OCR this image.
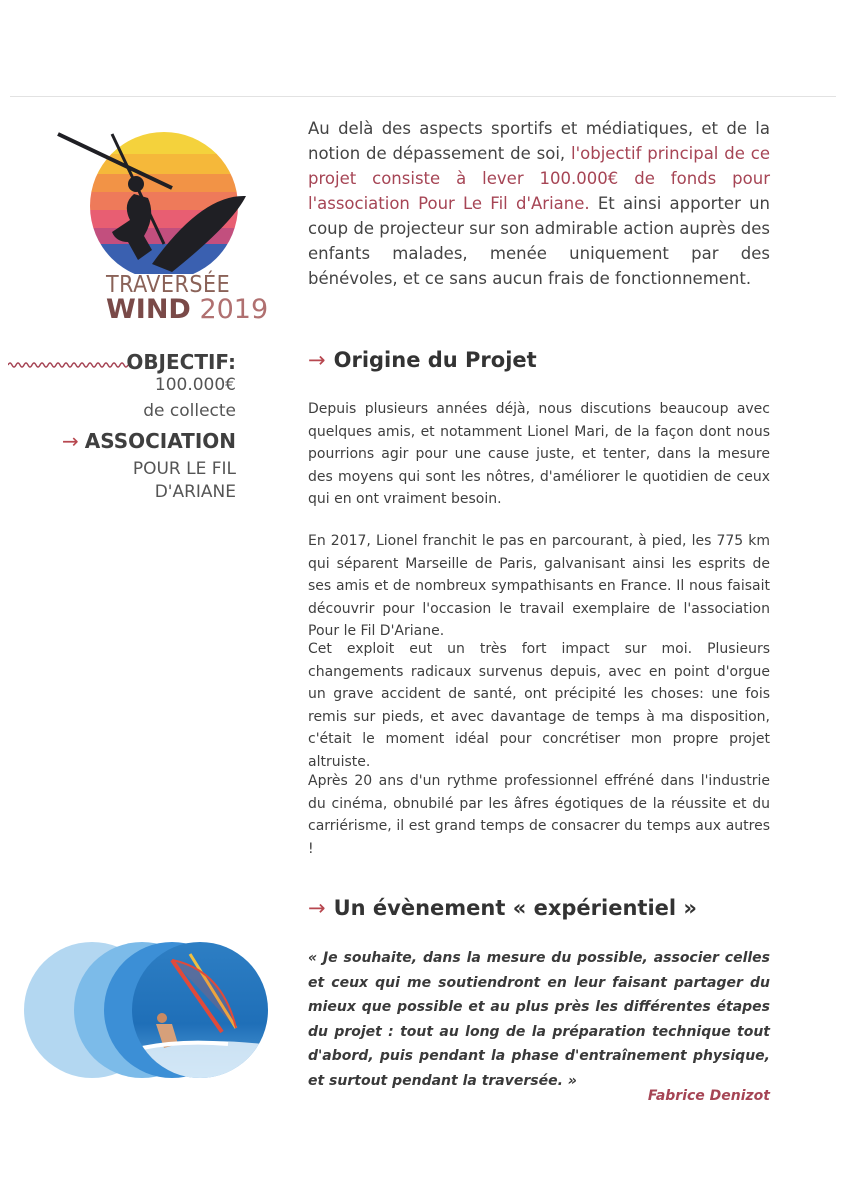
TRAVERSÉE
WIND 2019
OBJECTIF:
100.000€
de collecte
→ ASSOCIATION
POUR LE FIL
D'ARIANE
Au delà des aspects sportifs et médiatiques, et de la notion de dépassement de soi, l'objectif principal de ce projet consiste à lever 100.000€ de fonds pour l'association Pour Le Fil d'Ariane. Et ainsi apporter un coup de projecteur sur son admirable action auprès des enfants malades, menée uniquement par des bénévoles, et ce sans aucun frais de fonctionnement.
→ Origine du Projet
Depuis plusieurs années déjà, nous discutions beaucoup avec quelques amis, et notamment Lionel Mari, de la façon dont nous pourrions agir pour une cause juste, et tenter, dans la mesure des moyens qui sont les nôtres, d'améliorer le quotidien de ceux qui en ont vraiment besoin.
En 2017, Lionel franchit le pas en parcourant, à pied, les 775 km qui séparent Marseille de Paris, galvanisant ainsi les esprits de ses amis et de nombreux sympathisants en France. Il nous faisait découvrir pour l'occasion le travail exemplaire de l'association Pour le Fil D'Ariane.
Cet exploit eut un très fort impact sur moi. Plusieurs changements radicaux survenus depuis, avec en point d'orgue un grave accident de santé, ont précipité les choses: une fois remis sur pieds, et avec davantage de temps à ma disposition, c'était le moment idéal pour concrétiser mon propre projet altruiste.
Après 20 ans d'un rythme professionnel effréné dans l'industrie du cinéma, obnubilé par les âfres égotiques de la réussite et du carriérisme, il est grand temps de consacrer du temps aux autres !
→ Un évènement « expérientiel »
« Je souhaite, dans la mesure du possible, associer celles et ceux qui me soutiendront en leur faisant partager du mieux que possible et au plus près les différentes étapes du projet : tout au long de la préparation technique tout d'abord, puis pendant la phase d'entraînement physique, et surtout pendant la traversée. »
Fabrice Denizot
